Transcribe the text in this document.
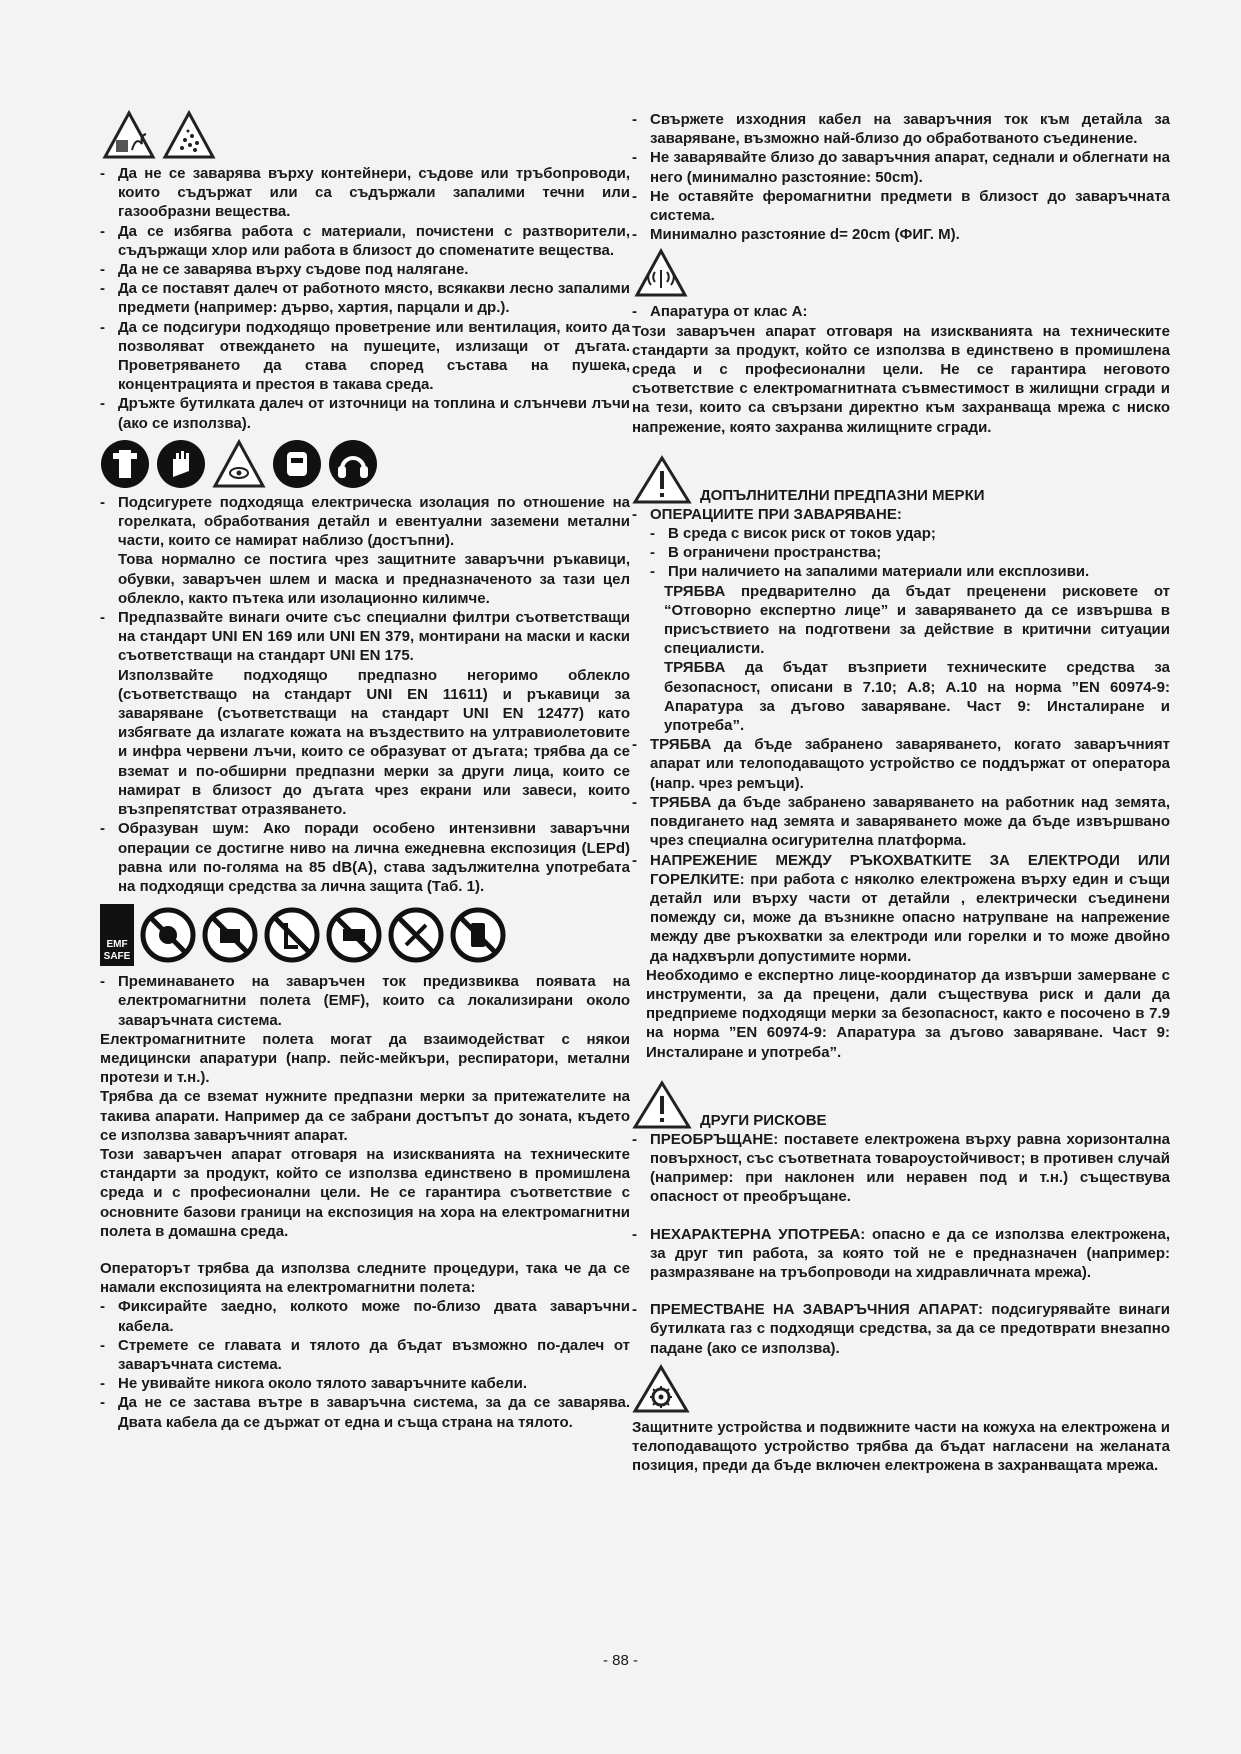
- Да не се заварява върху контейнери, съдове или тръбопроводи, които съдържат или са съдържали запалими течни или газообразни вещества.

- Да се избягва работа с материали, почистени с разтворители, съдържащи хлор или работа в близост до споменатите вещества.

- Да не се заварява върху съдове под налягане.

- Да се поставят далеч от работното място, всякакви лесно запалими предмети (например: дърво, хартия, парцали и др.).

- Да се подсигури подходящо проветрение или вентилация, които да позволяват отвеждането на пушеците, излизащи от дъгата. Проветряването да става според състава на пушека, концентрацията и престоя в такава среда.

- Дръжте бутилката далеч от източници на топлина и слънчеви лъчи (ако се използва).

- Подсигурете подходяща електрическа изолация по отношение на горелката, обработвания детайл и евентуални заземени метални части, които се намират наблизо (достъпни).

Това нормално се постига чрез защитните заваръчни ръкавици, обувки, заваръчен шлем и маска и предназначеното за тази цел облекло, както пътека или изолационно килимче.

- Предпазвайте винаги очите със специални филтри съответстващи на стандарт UNI EN 169 или UNI EN 379, монтирани на маски и каски съответстващи на стандарт UNI EN 175.

Използвайте подходящо предпазно негоримо облекло (съответстващо на стандарт UNI EN 11611) и ръкавици за заваряване (съответстващи на стандарт UNI EN 12477) като избягвате да излагате кожата на въздествито на ултравиолетовите и инфра червени лъчи, които се образуват от дъгата; трябва да се вземат и по-обширни предпазни мерки за други лица, които се намират в близост до дъгата чрез екрани или завеси, които възпрепятстват отразяването.

- Образуван шум: Ако поради особено интензивни заваръчни операции се достигне ниво на лична ежедневна експозиция (LEPd) равна или по-голяма на 85 dB(A), става задължителна употребата на подходящи средства за лична защита (Таб. 1).

EMF
SAFE

- Преминаването на заваръчен ток предизвиква появата на електромагнитни полета (EMF), които са локализирани около заваръчната система.

Електромагнитните полета могат да взаимодействат с някои медицински апаратури (напр. пейс-мейкъри, респиратори, метални протези и т.н.).

Трябва да се вземат нужните предпазни мерки за притежателите на такива апарати. Например да се забрани достъпът до зоната, където се използва заваръчният апарат.

Този заваръчен апарат отговаря на изискванията на техническите стандарти за продукт, който се използва единствено в промишлена среда и с професионални цели. Не се гарантира съответствие с основните базови граници на експозиция на хора на електромагнитни полета в домашна среда.

Операторът трябва да използва следните процедури, така че да се намали експозицията на електромагнитни полета:

- Фиксирайте заедно, колкото може по-близо двата заваръчни кабела.

- Стремете се главата и тялото да бъдат възможно по-далеч от заваръчната система.

- Не увивайте никога около тялото заваръчните кабели.

- Да не се застава вътре в заваръчна система, за да се заварява. Двата кабела да се държат от една и съща страна на тялото.

- Свържете изходния кабел на заваръчния ток към детайла за заваряване, възможно най-близо до обработваното съединение.

- Не заварявайте близо до заваръчния апарат, седнали и облегнати на него (минимално разстояние: 50cm).

- Не оставяйте феромагнитни предмети в близост до заваръчната система.

- Минимално разстояние d= 20cm (ФИГ. M).

- Апаратура от клас А:

Този заваръчен апарат отговаря на изискванията на техническите стандарти за продукт, който се използва в единствено в промишлена среда и с професионални цели. Не се гарантира неговото съответствие с електромагнитната съвместимост в жилищни сгради и на тези, които са свързани директно към захранваща мрежа с ниско напрежение, която захранва жилищните сгради.

ДОПЪЛНИТЕЛНИ ПРЕДПАЗНИ МЕРКИ

- ОПЕРАЦИИТЕ ПРИ ЗАВАРЯВАНЕ:

- В среда с висок риск от токов удар;

- В ограничени пространства;

- При наличието на запалими материали или експлозиви.

ТРЯБВА предварително да бъдат преценени рисковете от “Отговорно експертно лице” и заваряването да се извършва в присъствието на подготвени за действие в критични ситуации специалисти.

ТРЯБВА да бъдат възприети техническите средства за безопасност, описани в 7.10; А.8; А.10 на норма ”EN 60974-9: Апаратура за дъгово заваряване. Част 9: Инсталиране и употреба”.

- ТРЯБВА да бъде забранено заваряването, когато заваръчният апарат или телоподаващото устройство се поддържат от оператора (напр. чрез ремъци).

- ТРЯБВА да бъде забранено заваряването на работник над земята, повдигането над земята и заваряването може да бъде извършвано чрез специална осигурителна платформа.

- НАПРЕЖЕНИЕ МЕЖДУ РЪКОХВАТКИТЕ ЗА ЕЛЕКТРОДИ ИЛИ ГОРЕЛКИТЕ: при работа с няколко електрожена върху един и същи детайл или върху части от детайли , електрически съединени помежду си, може да възникне опасно натрупване на напрежение между две ръкохватки за електроди или горелки и то може двойно да надхвърли допустимите норми.

Необходимо е експертно лице-координатор да извърши замерване с инструменти, за да прецени, дали съществува риск и дали да предприеме подходящи мерки за безопасност, както е посочено в 7.9 на норма ”EN 60974-9: Апаратура за дъгово заваряване. Част 9: Инсталиране и употреба”.

ДРУГИ РИСКОВЕ

- ПРЕОБРЪЩАНЕ: поставете електрожена върху равна хоризонтална повърхност, със съответната товароустойчивост; в противен случай (например: при наклонен или неравен под и т.н.) съществува опасност от преобръщане.

- НЕХАРАКТЕРНА УПОТРЕБА: опасно е да се използва електрожена, за друг тип работа, за която той не е предназначен (например: размразяване на тръбопроводи на хидравличната мрежа).

- ПРЕМЕСТВАНЕ НА ЗАВАРЪЧНИЯ АПАРАТ: подсигурявайте винаги бутилката газ с подходящи средства, за да се предотврати внезапно падане (ако се използва).

Защитните устройства и подвижните части на кожуха на електрожена и телоподаващото устройство трябва да бъдат нагласени на желаната позиция, преди да бъде включен електрожена в захранващата мрежа.

- 88 -
